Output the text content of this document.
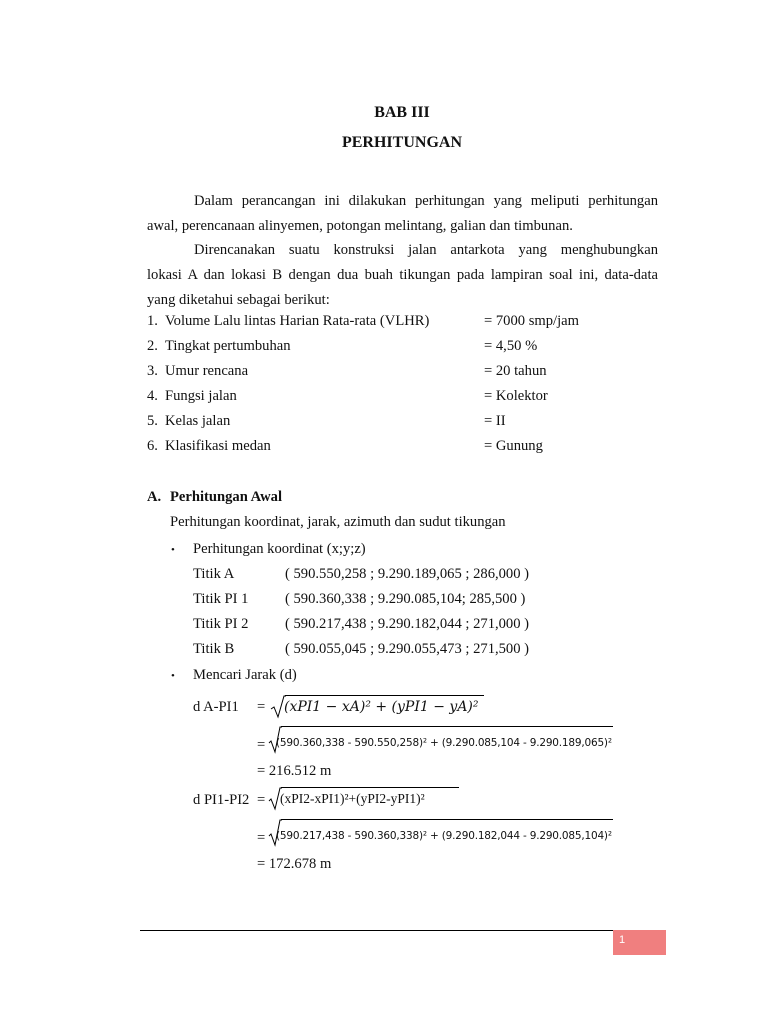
BAB III
PERHITUNGAN
Dalam perancangan ini dilakukan perhitungan yang meliputi perhitungan
awal, perencanaan alinyemen, potongan melintang, galian dan timbunan.
Direncanakan suatu konstruksi jalan antarkota yang menghubungkan
lokasi A dan lokasi B dengan dua buah tikungan pada lampiran soal ini, data-data
yang diketahui sebagai berikut:
1. Volume Lalu lintas Harian Rata-rata (VLHR)	= 7000 smp/jam
2. Tingkat pertumbuhan	= 4,50 %
3. Umur rencana	= 20 tahun
4. Fungsi jalan	= Kolektor
5. Kelas jalan	= II
6. Klasifikasi medan	= Gunung
A. Perhitungan Awal
Perhitungan koordinat, jarak, azimuth dan sudut tikungan
• Perhitungan koordinat (x;y;z)
Titik A	( 590.550,258 ; 9.290.189,065 ; 286,000 )
Titik PI 1	( 590.360,338 ; 9.290.085,104; 285,500 )
Titik PI 2	( 590.217,438 ; 9.290.182,044 ; 271,000 )
Titik B	( 590.055,045 ; 9.290.055,473 ; 271,500 )
• Mencari Jarak (d)
d A-PI1 = (xPI1 − xA)² + (yPI1 − yA)²
= (590.360,338 - 590.550,258)² + (9.290.085,104 - 9.290.189,065)²
= 216.512 m
d PI1-PI2 = (xPI2-xPI1)²+(yPI2-yPI1)²
= (590.217,438 - 590.360,338)² + (9.290.182,044 - 9.290.085,104)²
= 172.678 m
1
